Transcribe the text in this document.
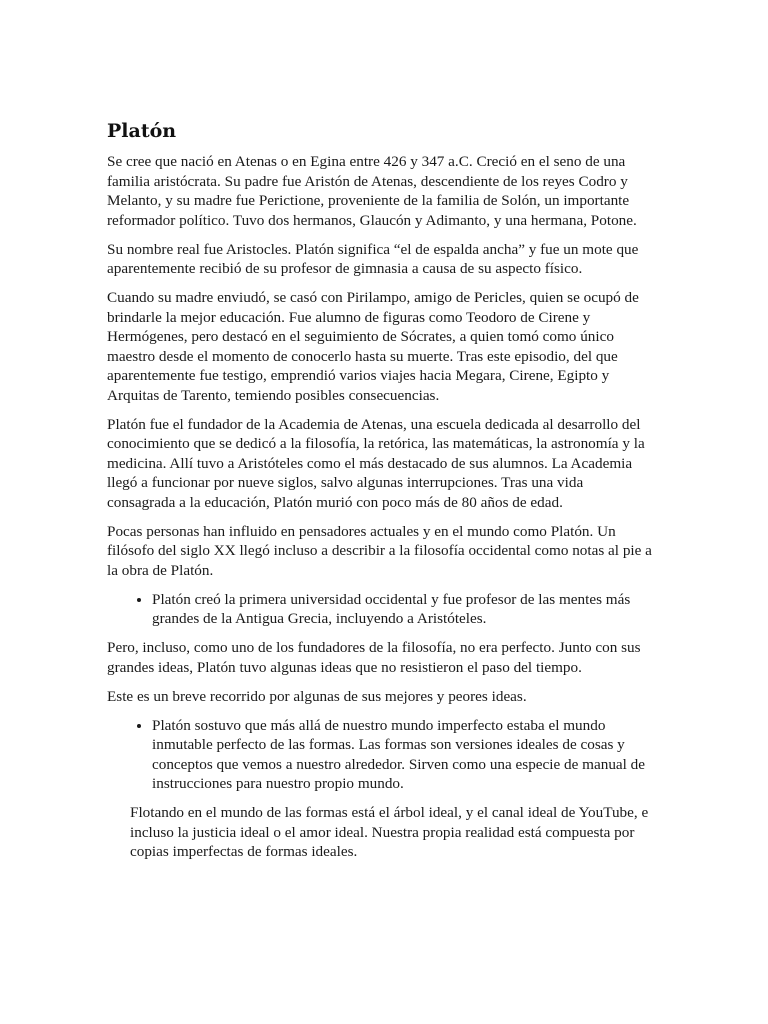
Platón

Se cree que nació en Atenas o en Egina entre 426 y 347 a.C. Creció en el seno de una familia aristócrata. Su padre fue Aristón de Atenas, descendiente de los reyes Codro y Melanto, y su madre fue Perictione, proveniente de la familia de Solón, un importante reformador político. Tuvo dos hermanos, Glaucón y Adimanto, y una hermana, Potone.

Su nombre real fue Aristocles. Platón significa “el de espalda ancha” y fue un mote que aparentemente recibió de su profesor de gimnasia a causa de su aspecto físico.

Cuando su madre enviudó, se casó con Pirilampo, amigo de Pericles, quien se ocupó de brindarle la mejor educación. Fue alumno de figuras como Teodoro de Cirene y Hermógenes, pero destacó en el seguimiento de Sócrates, a quien tomó como único maestro desde el momento de conocerlo hasta su muerte. Tras este episodio, del que aparentemente fue testigo, emprendió varios viajes hacia Megara, Cirene, Egipto y Arquitas de Tarento, temiendo posibles consecuencias.

Platón fue el fundador de la Academia de Atenas, una escuela dedicada al desarrollo del conocimiento que se dedicó a la filosofía, la retórica, las matemáticas, la astronomía y la medicina. Allí tuvo a Aristóteles como el más destacado de sus alumnos. La Academia llegó a funcionar por nueve siglos, salvo algunas interrupciones. Tras una vida consagrada a la educación, Platón murió con poco más de 80 años de edad.

Pocas personas han influido en pensadores actuales y en el mundo como Platón. Un filósofo del siglo XX llegó incluso a describir a la filosofía occidental como notas al pie a la obra de Platón.

• Platón creó la primera universidad occidental y fue profesor de las mentes más grandes de la Antigua Grecia, incluyendo a Aristóteles.

Pero, incluso, como uno de los fundadores de la filosofía, no era perfecto. Junto con sus grandes ideas, Platón tuvo algunas ideas que no resistieron el paso del tiempo.

Este es un breve recorrido por algunas de sus mejores y peores ideas.

• Platón sostuvo que más allá de nuestro mundo imperfecto estaba el mundo inmutable perfecto de las formas. Las formas son versiones ideales de cosas y conceptos que vemos a nuestro alrededor. Sirven como una especie de manual de instrucciones para nuestro propio mundo.

Flotando en el mundo de las formas está el árbol ideal, y el canal ideal de YouTube, e incluso la justicia ideal o el amor ideal. Nuestra propia realidad está compuesta por copias imperfectas de formas ideales.
